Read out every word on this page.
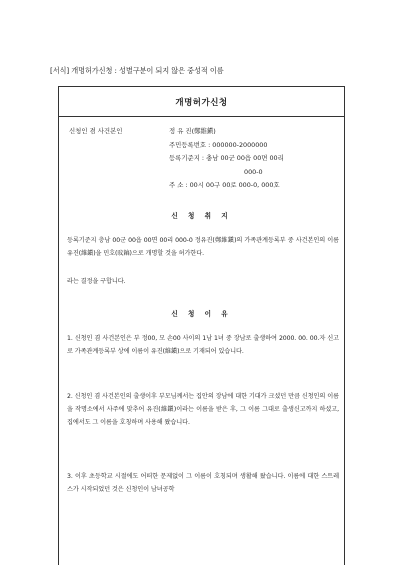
[서식] 개명허가신청 : 성별구분이 되지 않은 중성적 이름
개명허가신청
신청인 겸 사건본인	정 유 진(鄭維鎭)
주민등록번호 : 000000-2000000
등록기준지 : 충남 00군 00읍 00면 00리
000-0
주 소 : 00시 00구 00로 000-0, 000호
신 청 취 지
등록기준지 충남 00군 00읍 00면 00리 000-0 정유진(鄭維鎭)의 가족관계등록부 중 사건본인의 이름 유진(維鎭)을 민호(旼鎬)으로 개명할 것을 허가한다.
라는 결정을 구합니다.
신 청 이 유
1. 신청인 겸 사건본인은 부 정00, 모 손00 사이의 1남 1녀 중 장남로 출생하여 2000. 00. 00.자 신고로 가족관계등록부 상에 이름이 유진(維鎭)으로 기재되어 있습니다.
2. 신청인 겸 사건본인의 출생이후 부모님께서는 집안의 장남에 대한 기대가 크셨던 만큼 신청인의 이름을 작명소에서 사주에 맞추어 유진(維鎭)이라는 이름을 받은 후, 그 이름 그대로 출생신고까지 하셨고, 집에서도 그 이름을 호칭하며 사용해 왔습니다.
3. 이후 초등학교 시절에도 어떠한 문제없이 그 이름이 호칭되며 생활해 왔습니다. 이름에 대한 스트레스가 시작되었던 것은 신청인이 남녀공학
